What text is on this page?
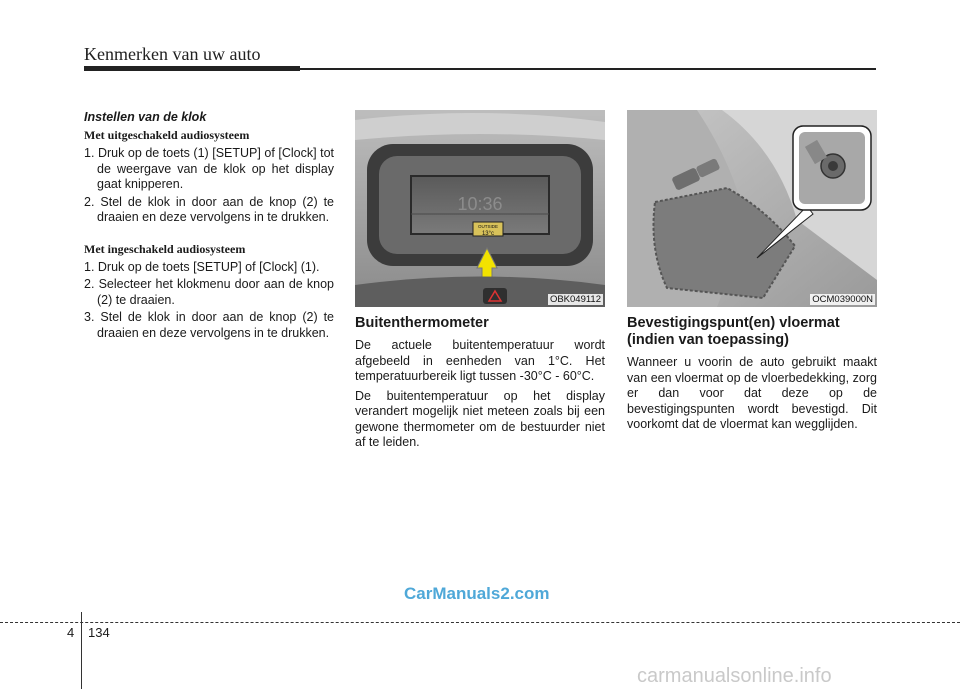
Kenmerken van uw auto
Instellen van de klok
Met uitgeschakeld audiosysteem
1. Druk op de toets (1) [SETUP] of [Clock] tot de weergave van de klok op het display gaat knipperen.
2. Stel de klok in door aan de knop (2) te draaien en deze vervolgens in te drukken.
Met ingeschakeld audiosysteem
1. Druk op de toets [SETUP] of [Clock] (1).
2. Selecteer het klokmenu door aan de knop (2) te draaien.
3. Stel de klok in door aan de knop (2) te draaien en deze vervolgens in te drukken.
10:36
OUTSIDE
13°c
OBK049112
Buitenthermometer

De actuele buitentemperatuur wordt afgebeeld in eenheden van 1°C. Het temperatuurbereik ligt tussen -30°C - 60°C.

De buitentemperatuur op het display verandert mogelijk niet meteen zoals bij een gewone thermometer om de bestuurder niet af te leiden.

OCM039000N
Bevestigingspunt(en) vloermat (indien van toepassing)

Wanneer u voorin de auto gebruikt maakt van een vloermat op de vloerbedekking, zorg er dan voor dat deze op de bevestigingspunten wordt bevestigd. Dit voorkomt dat de vloermat kan wegglijden.

CarManuals2.com
4 134
carmanualsonline.info
